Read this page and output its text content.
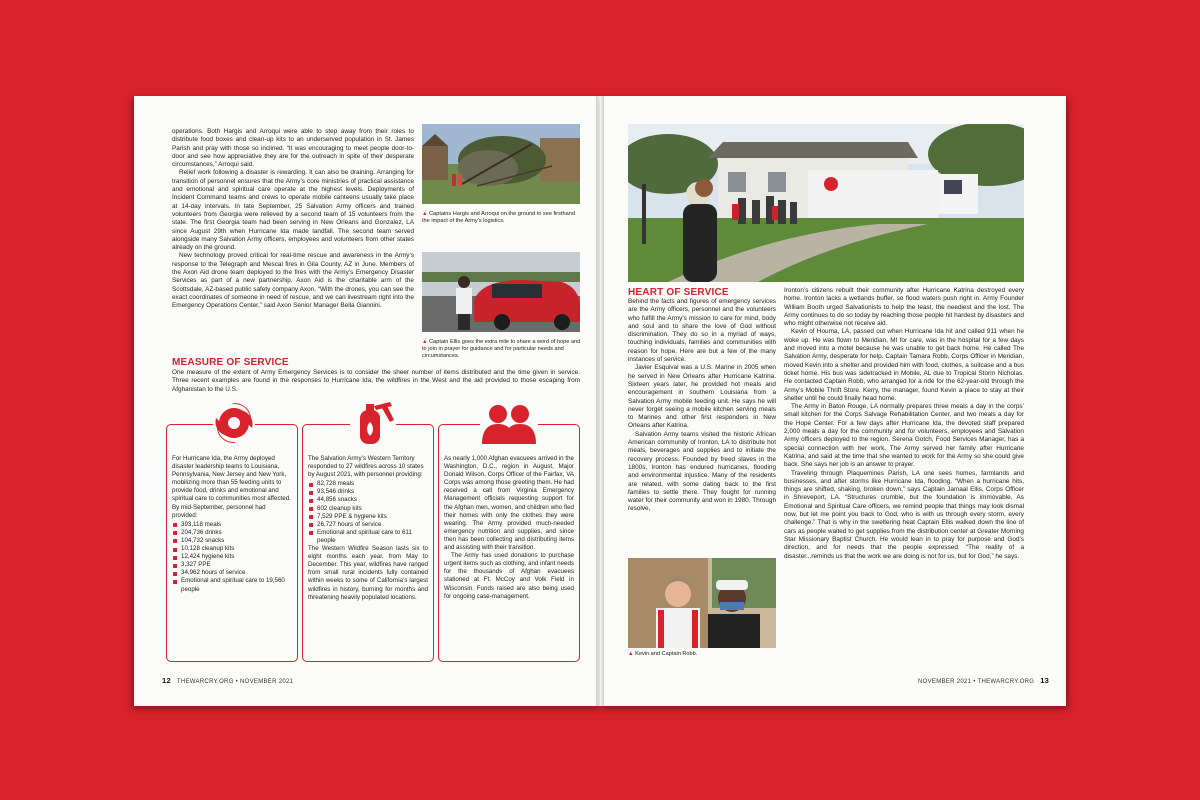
operations. Both Hargis and Arroqui were able to step away from their roles to distribute food boxes and clean-up kits to an underserved population in St. James Parish and pray with those so inclined. “It was encouraging to meet people door-to-door and see how appreciative they are for the outreach in spite of their desperate circumstances,” Arroqui said.

Relief work following a disaster is rewarding. It can also be draining. Arranging for transition of personnel ensures that the Army’s core ministries of practical assistance and emotional and spiritual care operate at the highest levels. Deployments of Incident Command teams and crews to operate mobile canteens usually take place at 14-day intervals. In late September, 25 Salvation Army officers and trained volunteers from Georgia were relieved by a second team of 15 volunteers from the state. The first Georgia team had been serving in New Orleans and Gonzalez, LA since August 29th when Hurricane Ida made landfall. The second team served alongside many Salvation Army officers, employees and volunteers from other states already on the ground.

New technology proved critical for real-time rescue and awareness in the Army’s response to the Telegraph and Mescal fires in Gila County, AZ in June. Members of the Axon Aid drone team deployed to the fires with the Army’s Emergency Disaster Services as part of a new partnership. Axon Aid is the charitable arm of the Scottsdale, AZ-based public safety company Axon. “With the drones, you can see the exact coordinates of someone in need of rescue, and we can livestream right into the Emergency Operations Center,” said Axon Senior Manager Bella Giannini.

▲ Captains Hargis and Arroqui on the ground to see firsthand the impact of the Army’s logistics.
▲ Captain Ellis goes the extra mile to share a word of hope and to join in prayer for guidance and for particular needs and circumstances.
MEASURE OF SERVICE

One measure of the extent of Army Emergency Services is to consider the sheer number of items distributed and the time given in service. Three recent examples are found in the responses to Hurricane Ida, the wildfires in the West and the aid provided to those escaping from Afghanistan to the U.S.

For Hurricane Ida, the Army deployed disaster leadership teams to Louisiana, Pennsylvania, New Jersey and New York, mobilizing more than 55 feeding units to provide food, drinks and emotional and spiritual care to communities most affected. By mid-September, personnel had provided:
393,118 meals
204,736 drinks
104,732 snacks
10,128 cleanup kits
12,424 hygiene kits
3,327 PPE
34,962 hours of service
Emotional and spiritual care to 19,560 people
The Salvation Army’s Western Territory responded to 27 wildfires across 10 states by August 2021, with personnel providing:
82,728 meals
93,546 drinks
44,856 snacks
602 cleanup kits
7,529 PPE & hygiene kits
26,727 hours of service
Emotional and spiritual care to 611 people
The Western Wildfire Season lasts six to eight months each year, from May to December. This year, wildfires have ranged from small rural incidents fully contained within weeks to some of California’s largest wildfires in history, burning for months and threatening heavily populated locations.

As nearly 1,000 Afghan evacuees arrived in the Washington, D.C., region in August, Major Donald Wilson, Corps Officer of the Fairfax, VA Corps was among those greeting them. He had received a call from Virginia Emergency Management officials requesting support for the Afghan men, women, and children who fled their homes with only the clothes they were wearing. The Army provided much-needed emergency nutrition and supplies, and since then has been collecting and distributing items and assisting with their transition.

The Army has used donations to purchase urgent items such as clothing, and infant needs for the thousands of Afghan evacuees stationed at Ft. McCoy and Volk Field in Wisconsin. Funds raised are also being used for ongoing case-management.

12 THEWARCRY.ORG • NOVEMBER 2021
HEART OF SERVICE

Behind the facts and figures of emergency services are the Army officers, personnel and the volunteers who fulfill the Army’s mission to care for mind, body and soul and to share the love of God without discrimination. They do so in a myriad of ways, touching individuals, families and communities with reason for hope. Here are but a few of the many instances of service.

Javier Esquival was a U.S. Marine in 2005 when he served in New Orleans after Hurricane Katrina. Sixteen years later, he provided hot meals and encouragement in southern Louisiana from a Salvation Army mobile feeding unit. He says he will never forget seeing a mobile kitchen serving meals to Marines and other first responders in New Orleans after Katrina.

Salvation Army teams visited the historic African American community of Ironton, LA to distribute hot meals, beverages and supplies and to initiate the recovery process. Founded by freed slaves in the 1800s, Ironton has endured hurricanes, flooding and environmental injustice. Many of the residents are related, with some dating back to the first families to settle there. They fought for running water for their community and won in 1980. Through resolve,

▲ Kevin and Captain Robb.

Ironton’s citizens rebuilt their community after Hurricane Katrina destroyed every home. Ironton lacks a wetlands buffer, so flood waters push right in. Army Founder William Booth urged Salvationists to help the least, the neediest and the lost. The Army continues to do so today by reaching those people hit hardest by disasters and who might otherwise not receive aid.

Kevin of Houma, LA, passed out when Hurricane Ida hit and called 911 when he woke up. He was flown to Meridian, MI for care, was in the hospital for a few days and moved into a motel because he was unable to get back home. He called The Salvation Army, desperate for help. Captain Tamara Robb, Corps Officer in Meridian, moved Kevin into a shelter and provided him with food, clothes, a suitcase and a bus ticket home. His bus was sidetracked in Mobile, AL due to Tropical Storm Nicholas. He contacted Captain Robb, who arranged for a ride for the 62-year-old through the Army’s Mobile Thrift Store. Kerry, the manager, found Kevin a place to stay at their shelter until he could finally head home.

The Army in Baton Rouge, LA normally prepares three meals a day in the corps’ small kitchen for the Corps Salvage Rehabilitation Center, and two meals a day for the Hope Center. For a few days after Hurricane Ida, the devoted staff prepared 2,000 meals a day for the community and for volunteers, employees and Salvation Army officers deployed to the region. Serena Gotch, Food Services Manager, has a special connection with her work. The Army served her family after Hurricane Katrina, and said at the time that she wanted to work for the Army so she could give back. She says her job is an answer to prayer.

Traveling through Plaquemines Parish, LA one sees homes, farmlands and businesses, and after storms like Hurricane Ida, flooding. “When a hurricane hits, things are shifted, shaking, broken down,” says Captain Jamaal Ellis, Corps Officer in Shreveport, LA. “Structures crumble, but the foundation is immovable. As Emotional and Spiritual Care officers, we remind people that things may look dismal now, but let me point you back to God, who is with us through every storm, every challenge.” That is why in the sweltering heat Captain Ellis walked down the line of cars as people waited to get supplies from the distribution center at Greater Morning Star Missionary Baptist Church. He would lean in to pray for purpose and God’s direction, and for needs that the people expressed. “The reality of a disaster...reminds us that the work we are doing is not for us, but for God,” he says.

NOVEMBER 2021 • THEWARCRY.ORG 13
